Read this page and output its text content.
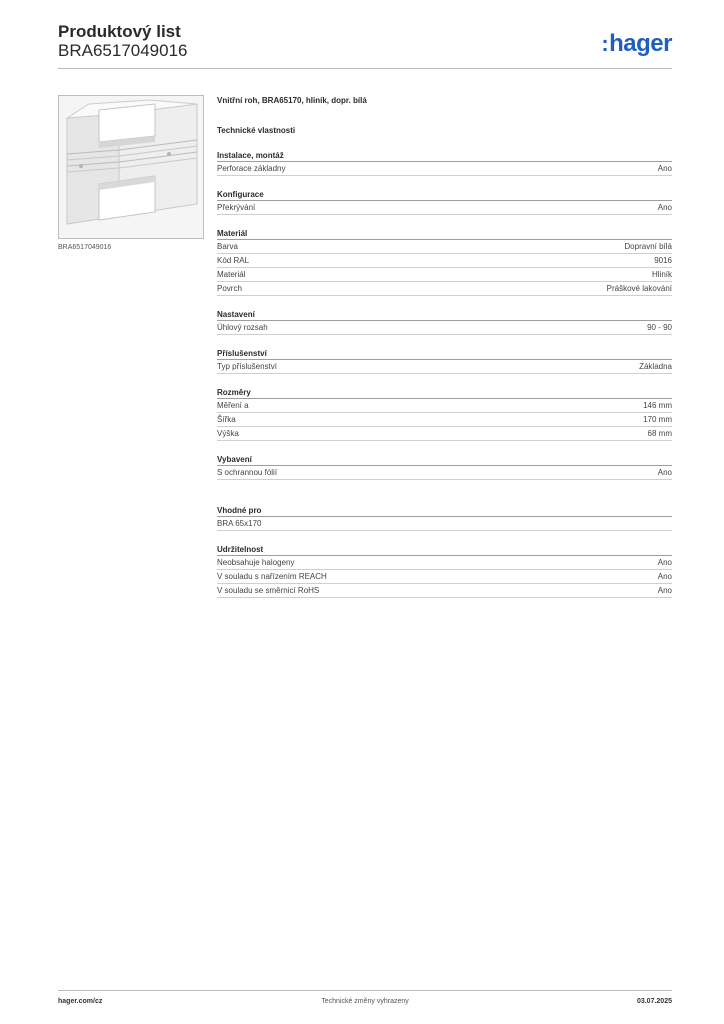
Produktový list
BRA6517049016	:hager
BRA6517049016
Vnitřní roh, BRA65170, hliník, dopr. bílá
Technické vlastnosti
Instalace, montáž
Perforace základny	Ano
Konfigurace
Překrývání	Ano
Materiál
Barva	Dopravní bílá
Kód RAL	9016
Materiál	Hliník
Povrch	Práškové lakování
Nastavení
Úhlový rozsah	90 - 90
Příslušenství
Typ příslušenství	Základna
Rozměry
Měření a	146 mm
Šířka	170 mm
Výška	68 mm
Vybavení
S ochrannou fólií	Ano
Vhodné pro
BRA 65x170
Udržitelnost
Neobsahuje halogeny	Ano
V souladu s nařízením REACH	Ano
V souladu se směrnicí RoHS	Ano
hager.com/cz	Technické změny vyhrazeny	03.07.2025
